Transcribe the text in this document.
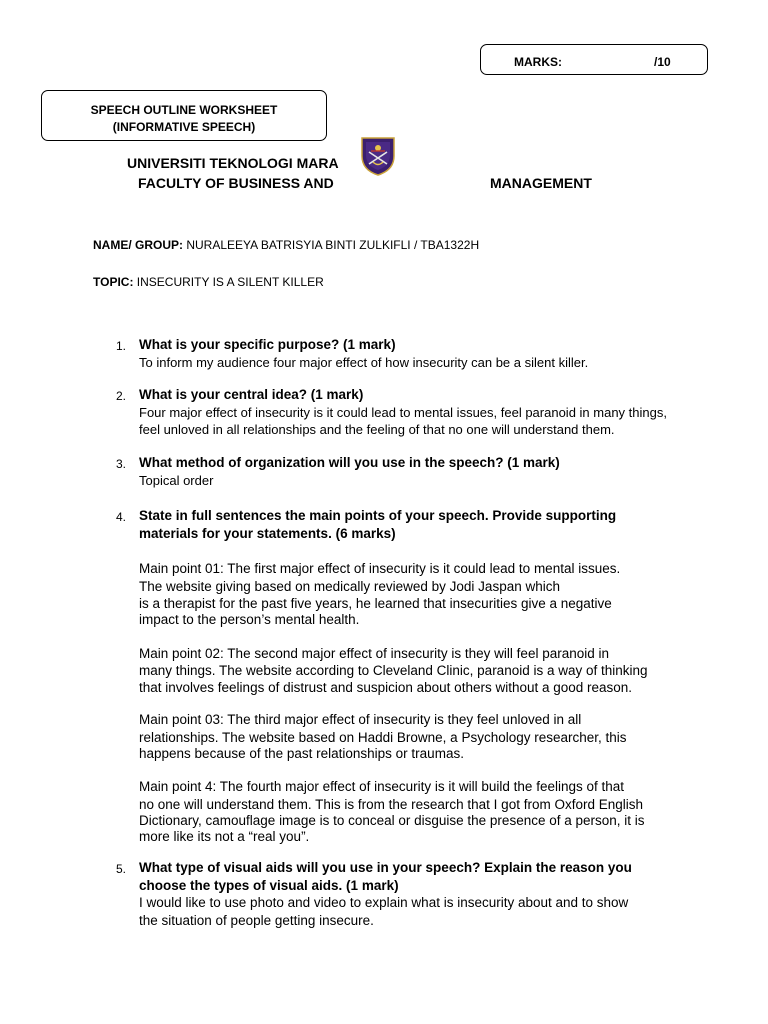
MARKS:	/10
SPEECH OUTLINE WORKSHEET
(INFORMATIVE SPEECH)
UNIVERSITI TEKNOLOGI MARA
FACULTY OF BUSINESS AND	MANAGEMENT
NAME/ GROUP: NURALEEYA BATRISYIA BINTI ZULKIFLI / TBA1322H
TOPIC: INSECURITY IS A SILENT KILLER
1. What is your specific purpose? (1 mark)
To inform my audience four major effect of how insecurity can be a silent killer.
2. What is your central idea? (1 mark)
Four major effect of insecurity is it could lead to mental issues, feel paranoid in many things,
feel unloved in all relationships and the feeling of that no one will understand them.
3. What method of organization will you use in the speech? (1 mark)
Topical order
4. State in full sentences the main points of your speech. Provide supporting
materials for your statements. (6 marks)
Main point 01: The first major effect of insecurity is it could lead to mental issues.
The website giving based on medically reviewed by Jodi Jaspan which
is a therapist for the past five years, he learned that insecurities give a negative
impact to the person’s mental health.
Main point 02: The second major effect of insecurity is they will feel paranoid in
many things. The website according to Cleveland Clinic, paranoid is a way of thinking
that involves feelings of distrust and suspicion about others without a good reason.
Main point 03: The third major effect of insecurity is they feel unloved in all
relationships. The website based on Haddi Browne, a Psychology researcher, this
happens because of the past relationships or traumas.
Main point 4: The fourth major effect of insecurity is it will build the feelings of that
no one will understand them. This is from the research that I got from Oxford English
Dictionary, camouflage image is to conceal or disguise the presence of a person, it is
more like its not a “real you”.
5. What type of visual aids will you use in your speech? Explain the reason you
choose the types of visual aids. (1 mark)
I would like to use photo and video to explain what is insecurity about and to show
the situation of people getting insecure.
